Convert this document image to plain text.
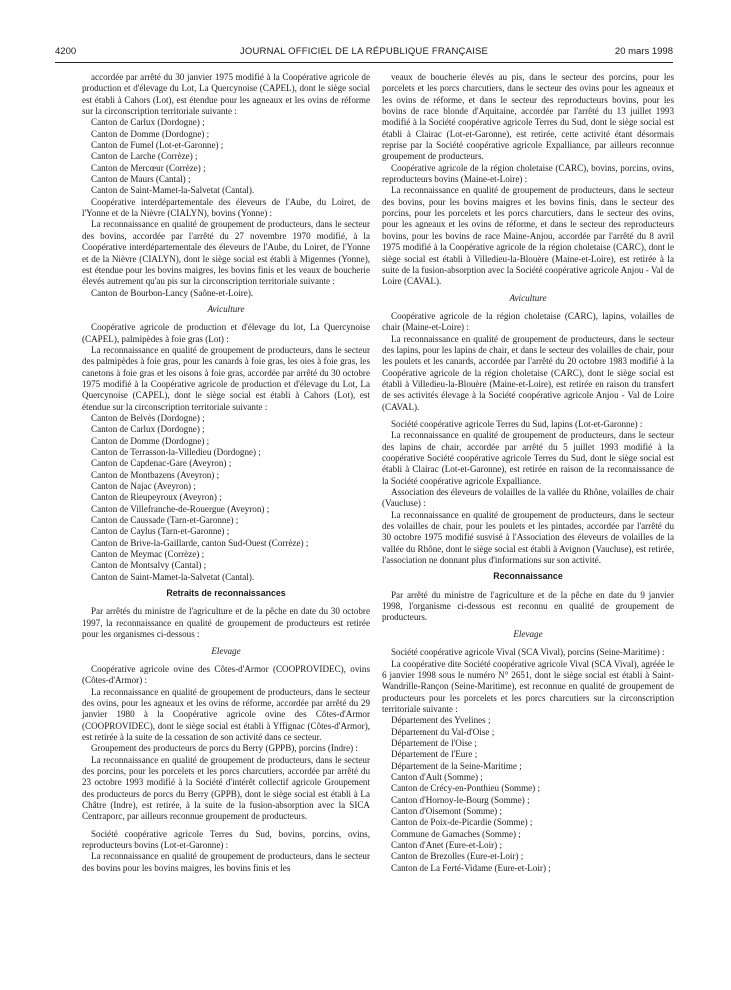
4200	JOURNAL OFFICIEL DE LA RÉPUBLIQUE FRANÇAISE	20 mars 1998
accordée par arrêté du 30 janvier 1975 modifié à la Coopérative agricole de production et d'élevage du Lot, La Quercynoise (CAPEL), dont le siège social est établi à Cahors (Lot), est étendue pour les agneaux et les ovins de réforme sur la circonscription territoriale suivante :
Canton de Carlux (Dordogne) ;
Canton de Domme (Dordogne) ;
Canton de Fumel (Lot-et-Garonne) ;
Canton de Larche (Corrèze) ;
Canton de Mercœur (Corrèze) ;
Canton de Maurs (Cantal) ;
Canton de Saint-Mamet-la-Salvetat (Cantal).
Coopérative interdépartementale des éleveurs de l'Aube, du Loiret, de l'Yonne et de la Nièvre (CIALYN), bovins (Yonne) :
La reconnaissance en qualité de groupement de producteurs, dans le secteur des bovins, accordée par l'arrêté du 27 novembre 1970 modifié, à la Coopérative interdépartementale des éleveurs de l'Aube, du Loiret, de l'Yonne et de la Nièvre (CIALYN), dont le siège social est établi à Migennes (Yonne), est étendue pour les bovins maigres, les bovins finis et les veaux de boucherie élevés autrement qu'au pis sur la circonscription territoriale suivante :
Canton de Bourbon-Lancy (Saône-et-Loire).
Aviculture
Coopérative agricole de production et d'élevage du lot, La Quercynoise (CAPEL), palmipèdes à foie gras (Lot) :
La reconnaissance en qualité de groupement de producteurs, dans le secteur des palmipèdes à foie gras, pour les canards à foie gras, les oies à foie gras, les canetons à foie gras et les oisons à foie gras, accordée par arrêté du 30 octobre 1975 modifié à la Coopérative agricole de production et d'élevage du Lot, La Quercynoise (CAPEL), dont le siège social est établi à Cahors (Lot), est étendue sur la circonscription territoriale suivante :
Canton de Belvès (Dordogne) ;
Canton de Carlux (Dordogne) ;
Canton de Domme (Dordogne) ;
Canton de Terrasson-la-Villedieu (Dordogne) ;
Canton de Capdenac-Gare (Aveyron) ;
Canton de Montbazens (Aveyron) ;
Canton de Najac (Aveyron) ;
Canton de Rieupeyroux (Aveyron) ;
Canton de Villefranche-de-Rouergue (Aveyron) ;
Canton de Caussade (Tarn-et-Garonne) ;
Canton de Caylus (Tarn-et-Garonne) ;
Canton de Brive-la-Gaillarde, canton Sud-Ouest (Corrèze) ;
Canton de Meymac (Corrèze) ;
Canton de Montsalvy (Cantal) ;
Canton de Saint-Mamet-la-Salvetat (Cantal).
Retraits de reconnaissances
Par arrêtés du ministre de l'agriculture et de la pêche en date du 30 octobre 1997, la reconnaissance en qualité de groupement de producteurs est retirée pour les organismes ci-dessous :
Elevage
Coopérative agricole ovine des Côtes-d'Armor (COOPROVIDEC), ovins (Côtes-d'Armor) :
La reconnaissance en qualité de groupement de producteurs, dans le secteur des ovins, pour les agneaux et les ovins de réforme, accordée par arrêté du 29 janvier 1980 à la Coopérative agricole ovine des Côtes-d'Armor (COOPROVIDEC), dont le siège social est établi à Yffignac (Côtes-d'Armor), est retirée à la suite de la cessation de son activité dans ce secteur.
Groupement des producteurs de porcs du Berry (GPPB), porcins (Indre) :
La reconnaissance en qualité de groupement de producteurs, dans le secteur des porcins, pour les porcelets et les porcs charcutiers, accordée par arrêté du 23 octobre 1993 modifié à la Société d'intérêt collectif agricole Groupement des producteurs de porcs du Berry (GPPB), dont le siège social est établi à La Châtre (Indre), est retirée, à la suite de la fusion-absorption avec la SICA Centraporc, par ailleurs reconnue groupement de producteurs.
Société coopérative agricole Terres du Sud, bovins, porcins, ovins, reproducteurs bovins (Lot-et-Garonne) :
La reconnaissance en qualité de groupement de producteurs, dans le secteur des bovins pour les bovins maigres, les bovins finis et les
veaux de boucherie élevés au pis, dans le secteur des porcins, pour les porcelets et les porcs charcutiers, dans le secteur des ovins pour les agneaux et les ovins de réforme, et dans le secteur des reproducteurs bovins, pour les bovins de race blonde d'Aquitaine, accordée par l'arrêté du 13 juillet 1993 modifié à la Société coopérative agricole Terres du Sud, dont le siège social est établi à Clairac (Lot-et-Garonne), est retirée, cette activité étant désormais reprise par la Société coopérative agricole Expalliance, par ailleurs reconnue groupement de producteurs.
Coopérative agricole de la région choletaise (CARC), bovins, porcins, ovins, reproducteurs bovins (Maine-et-Loire) :
La reconnaissance en qualité de groupement de producteurs, dans le secteur des bovins, pour les bovins maigres et les bovins finis, dans le secteur des porcins, pour les porcelets et les porcs charcutiers, dans le secteur des ovins, pour les agneaux et les ovins de réforme, et dans le secteur des reproducteurs bovins, pour les bovins de race Maine-Anjou, accordée par l'arrêté du 8 avril 1975 modifié à la Coopérative agricole de la région choletaise (CARC), dont le siège social est établi à Villedieu-la-Blouère (Maine-et-Loire), est retirée à la suite de la fusion-absorption avec la Société coopérative agricole Anjou - Val de Loire (CAVAL).
Aviculture
Coopérative agricole de la région choletaise (CARC), lapins, volailles de chair (Maine-et-Loire) :
La reconnaissance en qualité de groupement de producteurs, dans le secteur des lapins, pour les lapins de chair, et dans le secteur des volailles de chair, pour les poulets et les canards, accordée par l'arrêté du 20 octobre 1983 modifié à la Coopérative agricole de la région choletaise (CARC), dont le siège social est établi à Villedieu-la-Blouère (Maine-et-Loire), est retirée en raison du transfert de ses activités élevage à la Société coopérative agricole Anjou - Val de Loire (CAVAL).
Société coopérative agricole Terres du Sud, lapins (Lot-et-Garonne) :
La reconnaissance en qualité de groupement de producteurs, dans le secteur des lapins de chair, accordée par arrêté du 5 juillet 1993 modifié à la coopérative Société coopérative agricole Terres du Sud, dont le siège social est établi à Clairac (Lot-et-Garonne), est retirée en raison de la reconnaissance de la Société coopérative agricole Expalliance.
Association des éleveurs de volailles de la vallée du Rhône, volailles de chair (Vaucluse) :
La reconnaissance en qualité de groupement de producteurs, dans le secteur des volailles de chair, pour les poulets et les pintades, accordée par l'arrêté du 30 octobre 1975 modifié susvisé à l'Association des éleveurs de volailles de la vallée du Rhône, dont le siège social est établi à Avignon (Vaucluse), est retirée, l'association ne donnant plus d'informations sur son activité.
Reconnaissance
Par arrêté du ministre de l'agriculture et de la pêche en date du 9 janvier 1998, l'organisme ci-dessous est reconnu en qualité de groupement de producteurs.
Elevage
Société coopérative agricole Vival (SCA Vival), porcins (Seine-Maritime) :
La coopérative dite Société coopérative agricole Vival (SCA Vival), agréée le 6 janvier 1998 sous le numéro N° 2651, dont le siège social est établi à Saint-Wandrille-Rançon (Seine-Maritime), est reconnue en qualité de groupement de producteurs pour les porcelets et les porcs charcutiers sur la circonscription territoriale suivante :
Département des Yvelines ;
Département du Val-d'Oise ;
Département de l'Oise ;
Département de l'Eure ;
Département de la Seine-Maritime ;
Canton d'Ault (Somme) ;
Canton de Crécy-en-Ponthieu (Somme) ;
Canton d'Hornoy-le-Bourg (Somme) ;
Canton d'Oisemont (Somme) ;
Canton de Poix-de-Picardie (Somme) ;
Commune de Gamaches (Somme) ;
Canton d'Anet (Eure-et-Loir) ;
Canton de Brezolles (Eure-et-Loir) ;
Canton de La Ferté-Vidame (Eure-et-Loir) ;
